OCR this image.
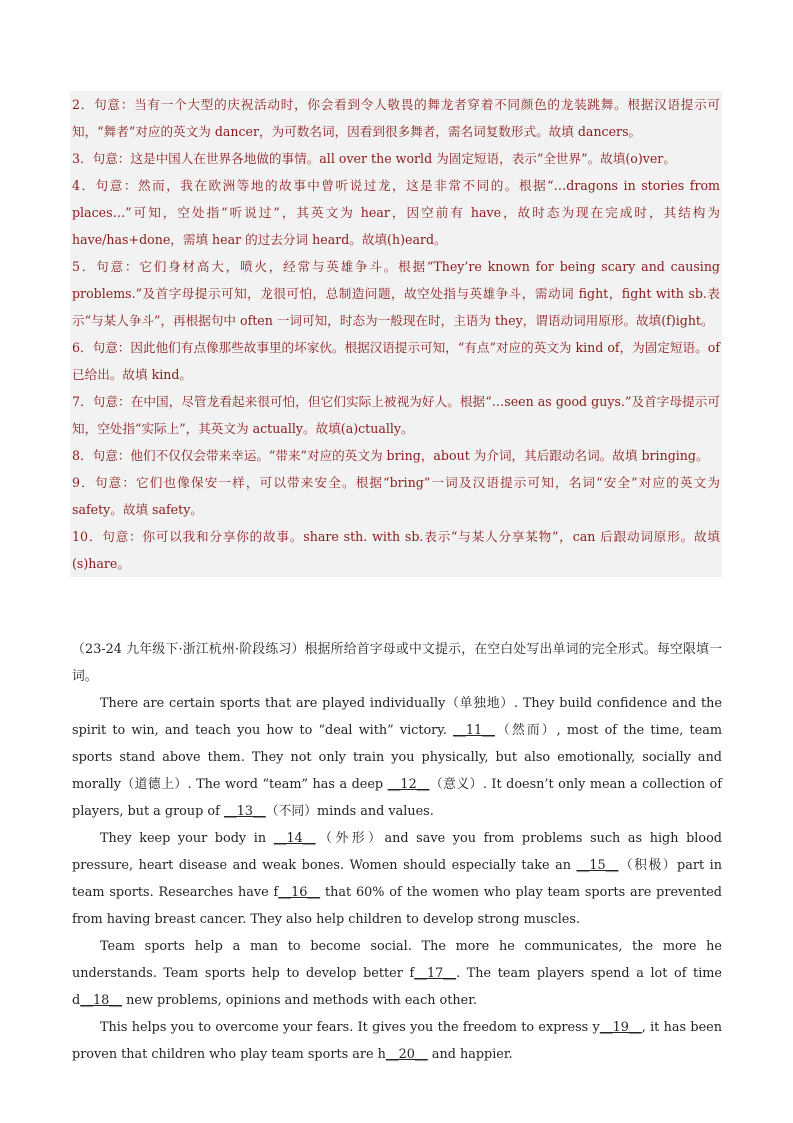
2．句意：当有一个大型的庆祝活动时，你会看到令人敬畏的舞龙者穿着不同颜色的龙装跳舞。根据汉语提示可知，“舞者”对应的英文为 dancer，为可数名词，因看到很多舞者，需名词复数形式。故填 dancers。

3．句意：这是中国人在世界各地做的事情。all over the world 为固定短语，表示“全世界”。故填(o)ver。

4．句意：然而，我在欧洲等地的故事中曾听说过龙，这是非常不同的。根据“…dragons in stories from places…”可知，空处指“听说过”，其英文为 hear，因空前有 have，故时态为现在完成时，其结构为 have/has+done，需填 hear 的过去分词 heard。故填(h)eard。

5．句意：它们身材高大，喷火，经常与英雄争斗。根据“They’re known for being scary and causing problems.”及首字母提示可知，龙很可怕，总制造问题，故空处指与英雄争斗，需动词 fight，fight with sb.表示“与某人争斗”，再根据句中 often 一词可知，时态为一般现在时，主语为 they，谓语动词用原形。故填(f)ight。

6．句意：因此他们有点像那些故事里的坏家伙。根据汉语提示可知，“有点”对应的英文为 kind of，为固定短语。of 已给出。故填 kind。

7．句意：在中国，尽管龙看起来很可怕，但它们实际上被视为好人。根据“…seen as good guys.”及首字母提示可知，空处指“实际上”，其英文为 actually。故填(a)ctually。

8．句意：他们不仅仅会带来幸运。“带来”对应的英文为 bring，about 为介词，其后跟动名词。故填 bringing。

9．句意：它们也像保安一样，可以带来安全。根据“bring”一词及汉语提示可知，名词“安全”对应的英文为 safety。故填 safety。

10．句意：你可以我和分享你的故事。share sth. with sb.表示“与某人分享某物”，can 后跟动词原形。故填(s)hare。

（23-24 九年级下·浙江杭州·阶段练习）根据所给首字母或中文提示，在空白处写出单词的完全形式。每空限填一词。

There are certain sports that are played individually（单独地）. They build confidence and the spirit to win, and teach you how to “deal with” victory. __11__（然而）, most of the time, team sports stand above them. They not only train you physically, but also emotionally, socially and morally（道德上）. The word “team” has a deep __12__（意义）. It doesn’t only mean a collection of players, but a group of __13__（不同）minds and values.

They keep your body in __14__（外形）and save you from problems such as high blood pressure, heart disease and weak bones. Women should especially take an __15__（积极）part in team sports. Researches have f__16__ that 60% of the women who play team sports are prevented from having breast cancer. They also help children to develop strong muscles.

Team sports help a man to become social. The more he communicates, the more he understands. Team sports help to develop better f__17__. The team players spend a lot of time d__18__ new problems, opinions and methods with each other.

This helps you to overcome your fears. It gives you the freedom to express y__19__, it has been proven that children who play team sports are h__20__ and happier.
